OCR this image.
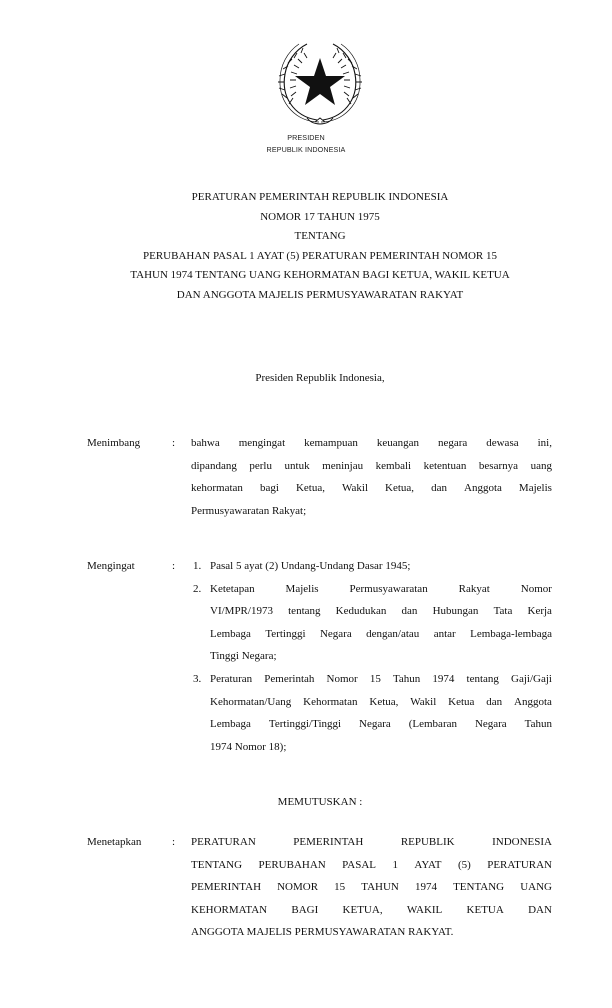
PRESIDEN
REPUBLIK INDONESIA
PERATURAN PEMERINTAH REPUBLIK INDONESIA
NOMOR 17 TAHUN 1975
TENTANG
PERUBAHAN PASAL 1 AYAT (5) PERATURAN PEMERINTAH NOMOR 15
TAHUN 1974 TENTANG UANG KEHORMATAN BAGI KETUA, WAKIL KETUA
DAN ANGGOTA MAJELIS PERMUSYAWARATAN RAKYAT
Presiden Republik Indonesia,
Menimbang	: bahwa mengingat kemampuan keuangan negara dewasa ini,
dipandang perlu untuk meninjau kembali ketentuan besarnya uang
kehormatan bagi Ketua, Wakil Ketua, dan Anggota Majelis
Permusyawaratan Rakyat;
Mengingat	: 1. Pasal 5 ayat (2) Undang-Undang Dasar 1945;
2. Ketetapan	Majelis	Permusyawaratan	Rakyat	Nomor
VI/MPR/1973 tentang Kedudukan dan Hubungan Tata Kerja
Lembaga Tertinggi Negara dengan/atau antar Lembaga-lembaga
Tinggi Negara;
3. Peraturan Pemerintah Nomor 15 Tahun 1974 tentang Gaji/Gaji
Kehormatan/Uang Kehormatan Ketua, Wakil Ketua dan Anggota
Lembaga Tertinggi/Tinggi Negara (Lembaran Negara Tahun
1974 Nomor 18);
MEMUTUSKAN :
Menetapkan	: PERATURAN	PEMERINTAH	REPUBLIK	INDONESIA
TENTANG PERUBAHAN PASAL 1 AYAT (5) PERATURAN
PEMERINTAH NOMOR 15 TAHUN 1974 TENTANG UANG
KEHORMATAN BAGI KETUA, WAKIL KETUA DAN
ANGGOTA MAJELIS PERMUSYAWARATAN RAKYAT.
